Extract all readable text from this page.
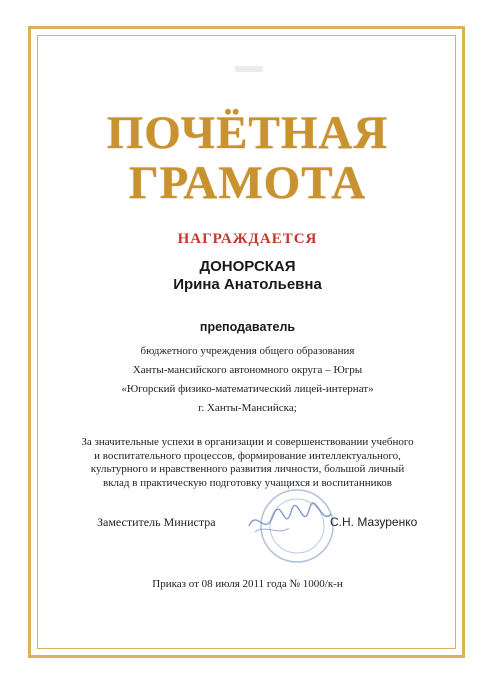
ПОЧЁТНАЯ
ГРАМОТА
НАГРАЖДАЕТСЯ
ДОНОРСКАЯ
Ирина Анатольевна
преподаватель
бюджетного учреждения общего образования
Ханты-мансийского автономного округа – Югры
«Югорский физико-математический лицей-интернат»
г. Ханты-Мансийска;
За значительные успехи в организации и совершенствовании учебного
и воспитательного процессов, формирование интеллектуального,
культурного и нравственного развития личности, большой личный
вклад в практическую подготовку учащихся и воспитанников
Заместитель Министра	С.Н. Мазуренко
Приказ от 08 июля 2011 года № 1000/к-н
